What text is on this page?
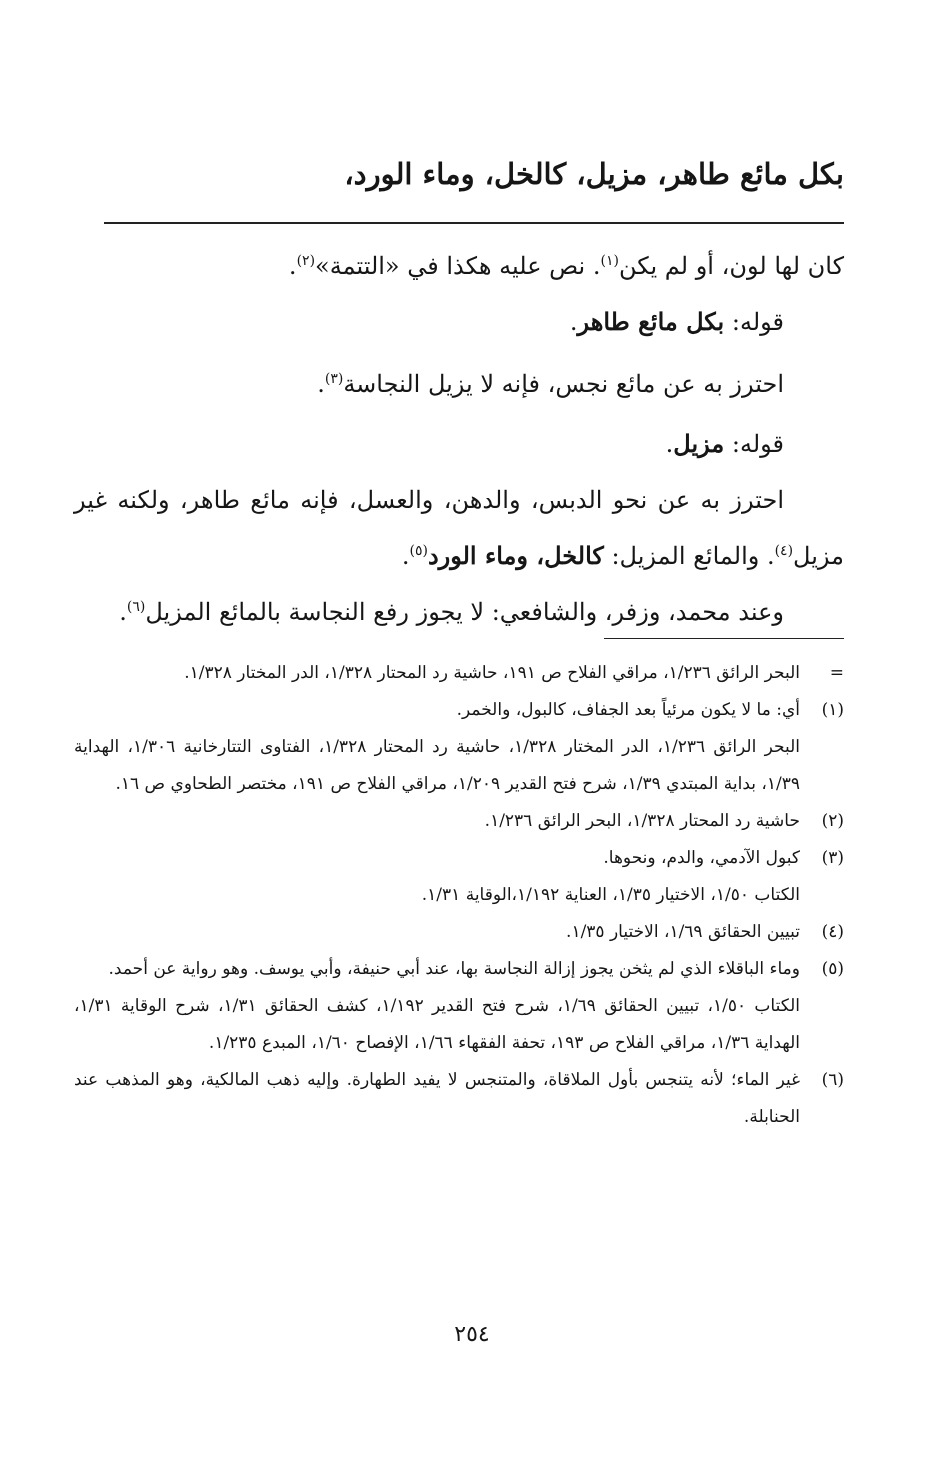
بكل مائع طاهر، مزيل، كالخل، وماء الورد،

كان لها لون، أو لم يكن$^{(١)}$. نص عليه هكذا في «التتمة»$^{(٢)}$.

قوله: بكل مائع طاهر.

احترز به عن مائع نجس، فإنه لا يزيل النجاسة$^{(٣)}$.

قوله: مزيل.

احترز به عن نحو الدبس، والدهن، والعسل، فإنه مائع طاهر، ولكنه غير مزيل$^{(٤)}$. والمائع المزيل: كالخل، وماء الورد$^{(٥)}$.

وعند محمد، وزفر، والشافعي: لا يجوز رفع النجاسة بالمائع المزيل$^{(٦)}$.

=
البحر الرائق ١/٢٣٦، مراقي الفلاح ص ١٩١، حاشية رد المحتار ١/٣٢٨، الدر المختار ١/٣٢٨.
(١)
أي: ما لا يكون مرئياً بعد الجفاف، كالبول، والخمر.
البحر الرائق ١/٢٣٦، الدر المختار ١/٣٢٨، حاشية رد المحتار ١/٣٢٨، الفتاوى التتارخانية ١/٣٠٦، الهداية ١/٣٩، بداية المبتدي ١/٣٩، شرح فتح القدير ١/٢٠٩، مراقي الفلاح ص ١٩١، مختصر الطحاوي ص ١٦.
(٢)
حاشية رد المحتار ١/٣٢٨، البحر الرائق ١/٢٣٦.
(٣)
كبول الآدمي، والدم، ونحوها.
الكتاب ١/٥٠، الاختيار ١/٣٥، العناية ١/١٩٢،الوقاية ١/٣١.
(٤)
تبيين الحقائق ١/٦٩، الاختيار ١/٣٥.
(٥)
وماء الباقلاء الذي لم يثخن يجوز إزالة النجاسة بها، عند أبي حنيفة، وأبي يوسف. وهو رواية عن أحمد.
الكتاب ١/٥٠، تبيين الحقائق ١/٦٩، شرح فتح القدير ١/١٩٢، كشف الحقائق ١/٣١، شرح الوقاية ١/٣١، الهداية ١/٣٦، مراقي الفلاح ص ١٩٣، تحفة الفقهاء ١/٦٦، الإفصاح ١/٦٠، المبدع ١/٢٣٥.
(٦)
غير الماء؛ لأنه يتنجس بأول الملاقاة، والمتنجس لا يفيد الطهارة. وإليه ذهب المالكية، وهو المذهب عند الحنابلة.
٢٥٤
